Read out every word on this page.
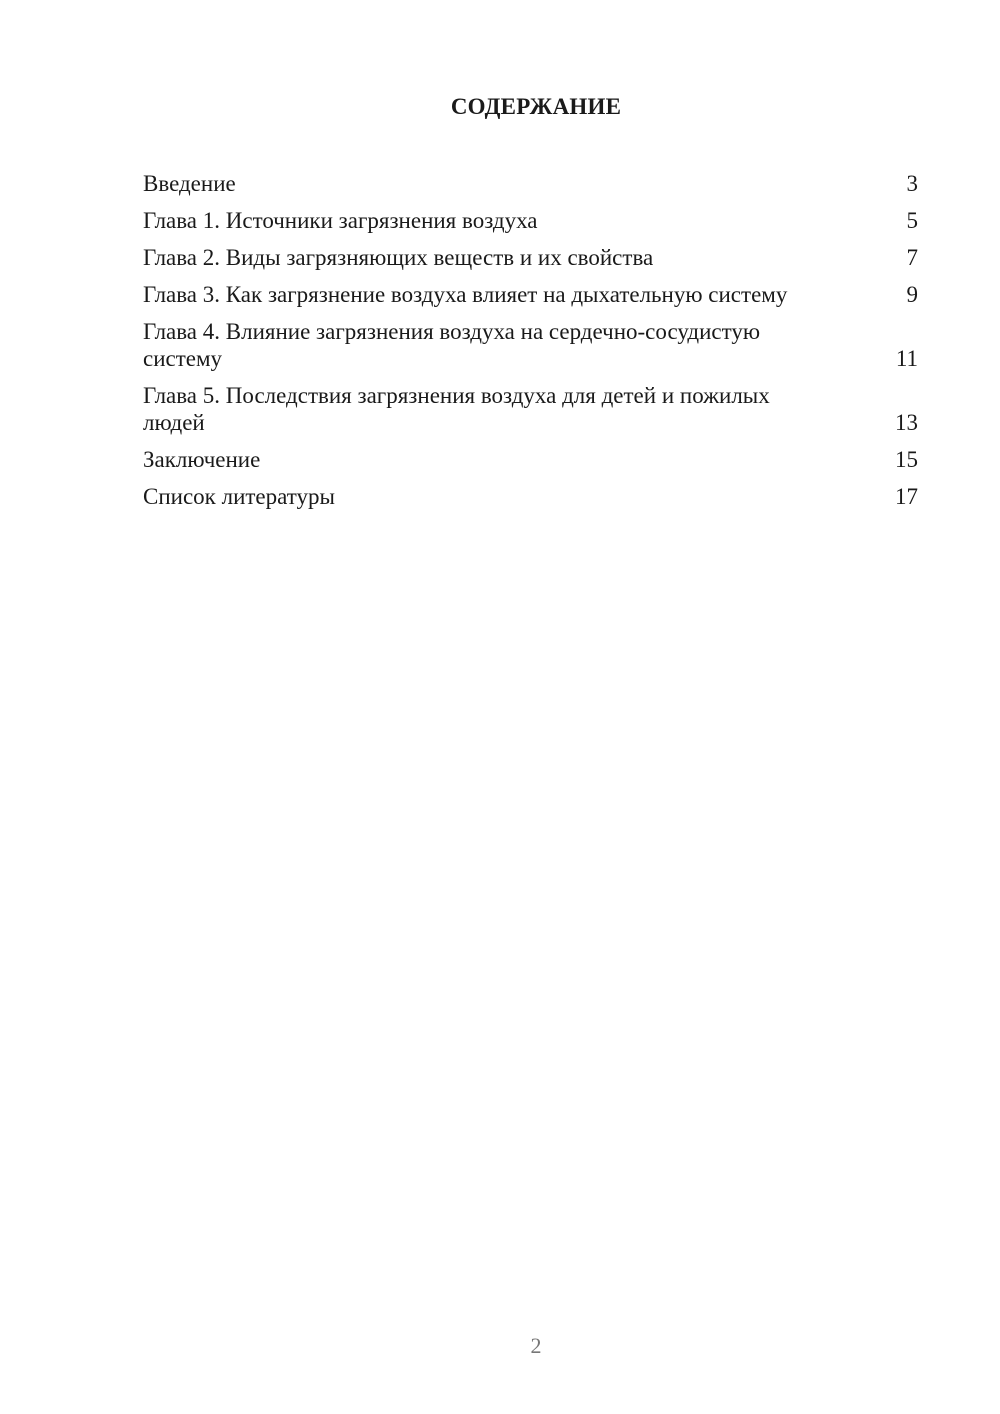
СОДЕРЖАНИЕ
Введение	3
Глава 1. Источники загрязнения воздуха	5
Глава 2. Виды загрязняющих веществ и их свойства	7
Глава 3. Как загрязнение воздуха влияет на дыхательную систему	9
Глава 4. Влияние загрязнения воздуха на сердечно-сосудистую систему	11
Глава 5. Последствия загрязнения воздуха для детей и пожилых людей	13
Заключение	15
Список литературы	17
2
